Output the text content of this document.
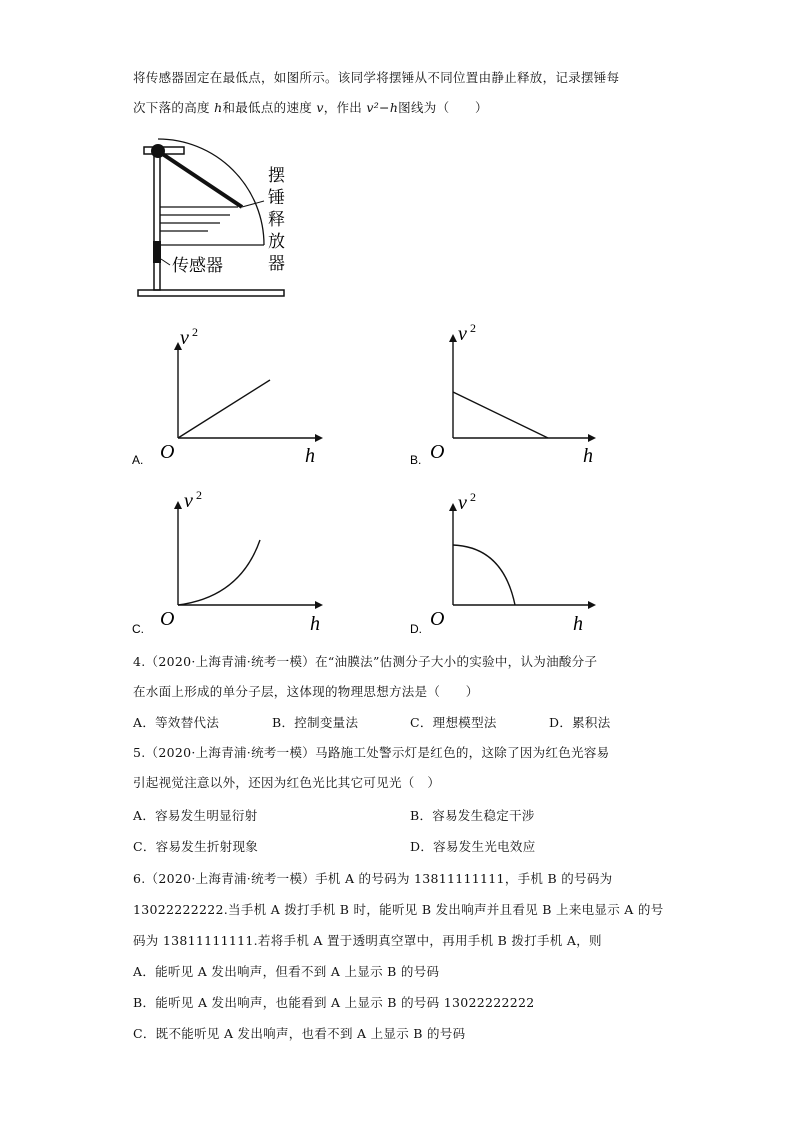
将传感器固定在最低点，如图所示。该同学将摆锤从不同位置由静止释放，记录摆锤每
次下落的高度 h和最低点的速度 v，作出 v²−h图线为（　　）
传感器
摆
锤
释
放
器
A.
v 2
O	h	B.
v 2
O	h
C.
v 2
O	h	D.
v 2
O	h
4.（2020·上海青浦·统考一模）在“油膜法”估测分子大小的实验中，认为油酸分子
在水面上形成的单分子层，这体现的物理思想方法是（　　）
A．等效替代法	B．控制变量法	C．理想模型法	D．累积法
5.（2020·上海青浦·统考一模）马路施工处警示灯是红色的，这除了因为红色光容易
引起视觉注意以外，还因为红色光比其它可见光（　）
A．容易发生明显衍射	B．容易发生稳定干涉
C．容易发生折射现象	D．容易发生光电效应
6.（2020·上海青浦·统考一模）手机 A 的号码为 13811111111，手机 B 的号码为
13022222222.当手机 A 拨打手机 B 时，能听见 B 发出响声并且看见 B 上来电显示 A 的号
码为 13811111111.若将手机 A 置于透明真空罩中，再用手机 B 拨打手机 A，则
A．能听见 A 发出响声，但看不到 A 上显示 B 的号码
B．能听见 A 发出响声，也能看到 A 上显示 B 的号码 13022222222
C．既不能听见 A 发出响声，也看不到 A 上显示 B 的号码
